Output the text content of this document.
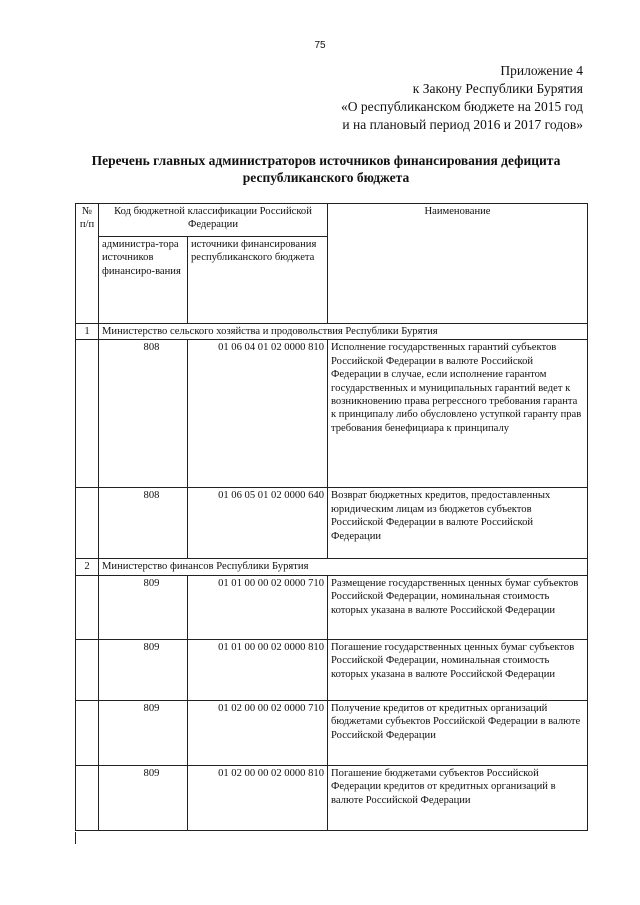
75
Приложение 4
к Закону Республики Бурятия
«О республиканском бюджете на 2015 год
и на плановый период 2016 и 2017 годов»
Перечень главных администраторов источников финансирования дефицита
республиканского бюджета
№ п/п	Код бюджетной классификации Российской Федерации		Наименование
	администра-тора источников финансиро-вания	источники финансирования республиканского бюджета	
1	Министерство сельского хозяйства и продовольствия Республики Бурятия		
	808	01 06 04 01 02 0000 810	Исполнение государственных гарантий субъектов Российской Федерации в валюте Российской Федерации в случае, если исполнение гарантом государственных и муниципальных гарантий ведет к возникновению права регрессного требования гаранта к принципалу либо обусловлено уступкой гаранту прав требования бенефициара к принципалу
	808	01 06 05 01 02 0000 640	Возврат бюджетных кредитов, предоставленных юридическим лицам из бюджетов субъектов Российской Федерации в валюте Российской Федерации
2	Министерство финансов Республики Бурятия		
	809	01 01 00 00 02 0000 710	Размещение государственных ценных бумаг субъектов Российской Федерации, номинальная стоимость которых указана в валюте Российской Федерации
	809	01 01 00 00 02 0000 810	Погашение государственных ценных бумаг субъектов Российской Федерации, номинальная стоимость которых указана в валюте Российской Федерации
	809	01 02 00 00 02 0000 710	Получение кредитов от кредитных организаций бюджетами субъектов Российской Федерации в валюте Российской Федерации
	809	01 02 00 00 02 0000 810	Погашение бюджетами субъектов Российской Федерации кредитов от кредитных организаций в валюте Российской Федерации
